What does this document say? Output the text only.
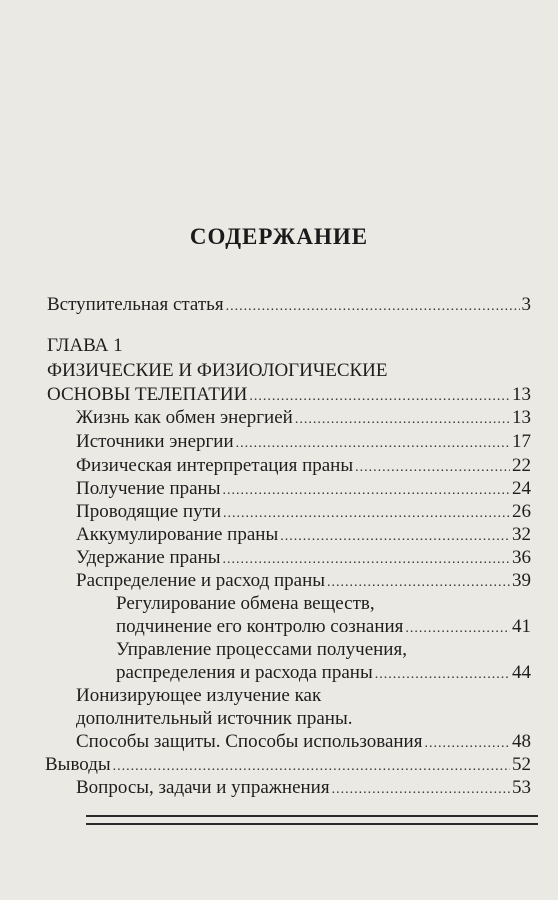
СОДЕРЖАНИЕ
Вступительная статья .....	3
ГЛАВА 1
ФИЗИЧЕСКИЕ И ФИЗИОЛОГИЧЕСКИЕ
ОСНОВЫ ТЕЛЕПАТИИ .....	13
Жизнь как обмен энергией .....	13
Источники энергии .....	17
Физическая интерпретация праны .....	22
Получение праны .....	24
Проводящие пути .....	26
Аккумулирование праны .....	32
Удержание праны .....	36
Распределение и расход праны .....	39
Регулирование обмена веществ,
подчинение его контролю сознания .....	41
Управление процессами получения,
распределения и расхода праны .....	44
Ионизирующее излучение как
дополнительный источник праны.
Способы защиты. Способы использования .....	48
Выводы .....	52
Вопросы, задачи и упражнения .....	53
